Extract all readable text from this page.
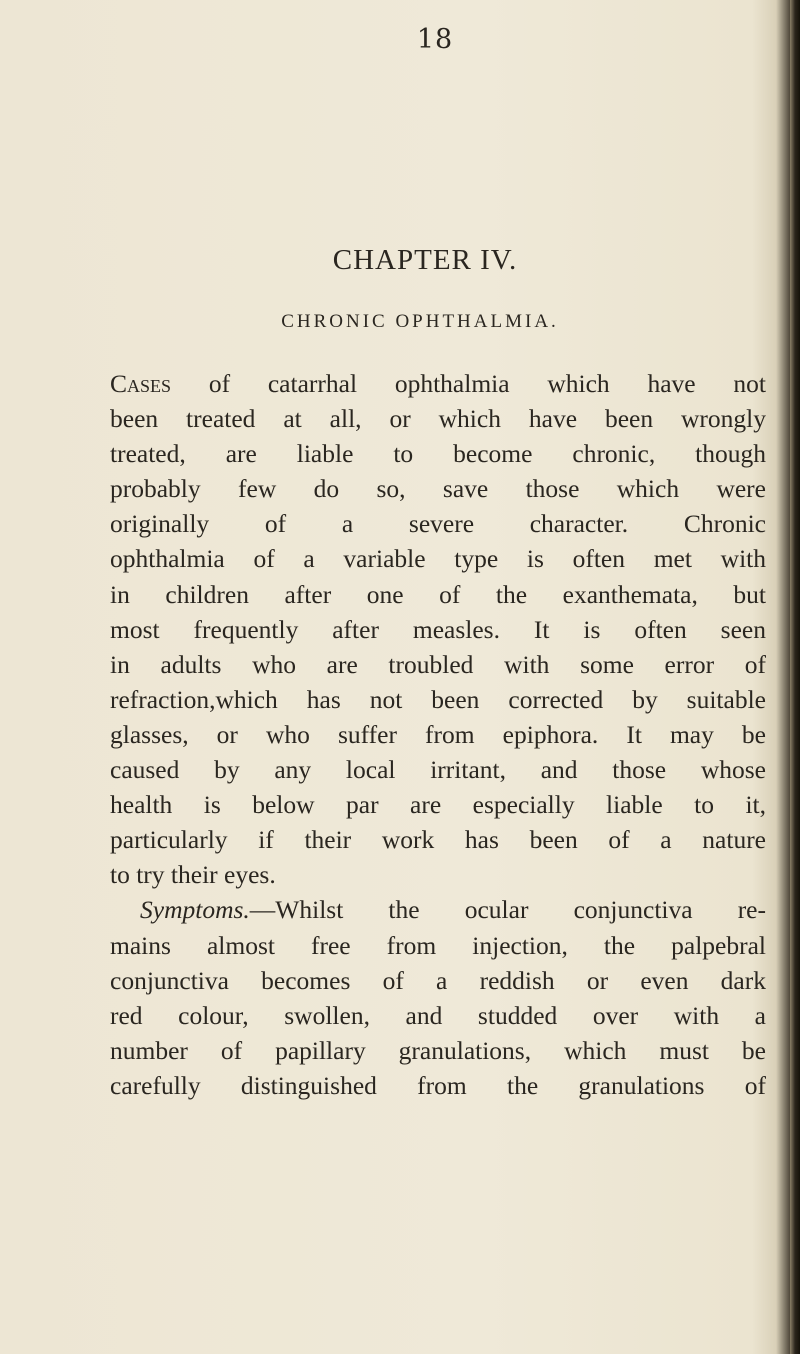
18
CHAPTER IV.
CHRONIC OPHTHALMIA.
Cases of catarrhal ophthalmia which have not
been treated at all, or which have been wrongly
treated, are liable to become chronic, though
probably few do so, save those which were
originally of a severe character. Chronic
ophthalmia of a variable type is often met with
in children after one of the exanthemata, but
most frequently after measles. It is often seen
in adults who are troubled with some error of
refraction,which has not been corrected by suitable
glasses, or who suffer from epiphora. It may be
caused by any local irritant, and those whose
health is below par are especially liable to it,
particularly if their work has been of a nature
to try their eyes.
Symptoms.—Whilst the ocular conjunctiva re-
mains almost free from injection, the palpebral
conjunctiva becomes of a reddish or even dark
red colour, swollen, and studded over with a
number of papillary granulations, which must be
carefully distinguished from the granulations of
